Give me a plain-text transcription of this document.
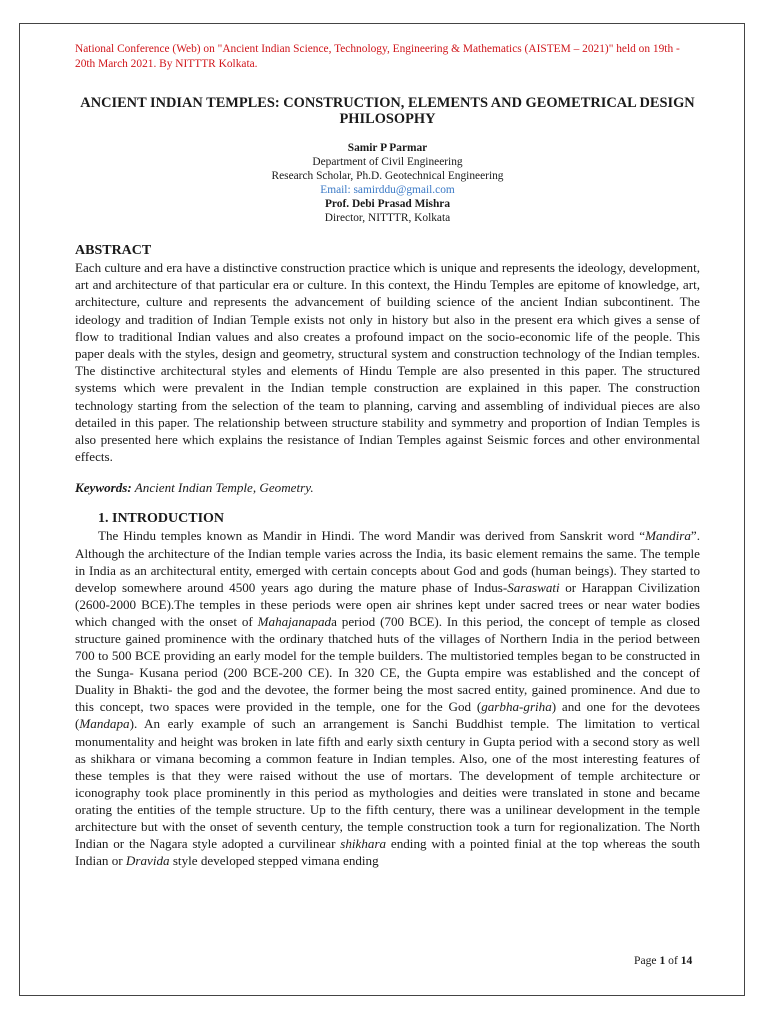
National Conference (Web) on "Ancient Indian Science, Technology, Engineering & Mathematics (AISTEM – 2021)" held on 19th - 20th March 2021. By NITTTR Kolkata.
ANCIENT INDIAN TEMPLES: CONSTRUCTION, ELEMENTS AND GEOMETRICAL DESIGN PHILOSOPHY
Samir P Parmar
Department of Civil Engineering
Research Scholar, Ph.D. Geotechnical Engineering
Email: samirddu@gmail.com
Prof. Debi Prasad Mishra
Director, NITTTR, Kolkata
ABSTRACT
Each culture and era have a distinctive construction practice which is unique and represents the ideology, development, art and architecture of that particular era or culture. In this context, the Hindu Temples are epitome of knowledge, art, architecture, culture and represents the advancement of building science of the ancient Indian subcontinent. The ideology and tradition of Indian Temple exists not only in history but also in the present era which gives a sense of flow to traditional Indian values and also creates a profound impact on the socio-economic life of the people. This paper deals with the styles, design and geometry, structural system and construction technology of the Indian temples. The distinctive architectural styles and elements of Hindu Temple are also presented in this paper. The structured systems which were prevalent in the Indian temple construction are explained in this paper. The construction technology starting from the selection of the team to planning, carving and assembling of individual pieces are also detailed in this paper. The relationship between structure stability and symmetry and proportion of Indian Temples is also presented here which explains the resistance of Indian Temples against Seismic forces and other environmental effects.
Keywords: Ancient Indian Temple, Geometry.
1. INTRODUCTION
The Hindu temples known as Mandir in Hindi. The word Mandir was derived from Sanskrit word “Mandira”. Although the architecture of the Indian temple varies across the India, its basic element remains the same. The temple in India as an architectural entity, emerged with certain concepts about God and gods (human beings). They started to develop somewhere around 4500 years ago during the mature phase of Indus-Saraswati or Harappan Civilization (2600-2000 BCE).The temples in these periods were open air shrines kept under sacred trees or near water bodies which changed with the onset of Mahajanapada period (700 BCE). In this period, the concept of temple as closed structure gained prominence with the ordinary thatched huts of the villages of Northern India in the period between 700 to 500 BCE providing an early model for the temple builders. The multistoried temples began to be constructed in the Sunga- Kusana period (200 BCE-200 CE). In 320 CE, the Gupta empire was established and the concept of Duality in Bhakti- the god and the devotee, the former being the most sacred entity, gained prominence. And due to this concept, two spaces were provided in the temple, one for the God (garbha-griha) and one for the devotees (Mandapa). An early example of such an arrangement is Sanchi Buddhist temple. The limitation to vertical monumentality and height was broken in late fifth and early sixth century in Gupta period with a second story as well as shikhara or vimana becoming a common feature in Indian temples. Also, one of the most interesting features of these temples is that they were raised without the use of mortars. The development of temple architecture or iconography took place prominently in this period as mythologies and deities were translated in stone and became orating the entities of the temple structure. Up to the fifth century, there was a unilinear development in the temple architecture but with the onset of seventh century, the temple construction took a turn for regionalization. The North Indian or the Nagara style adopted a curvilinear shikhara ending with a pointed finial at the top whereas the south Indian or Dravida style developed stepped vimana ending
Page 1 of 14
